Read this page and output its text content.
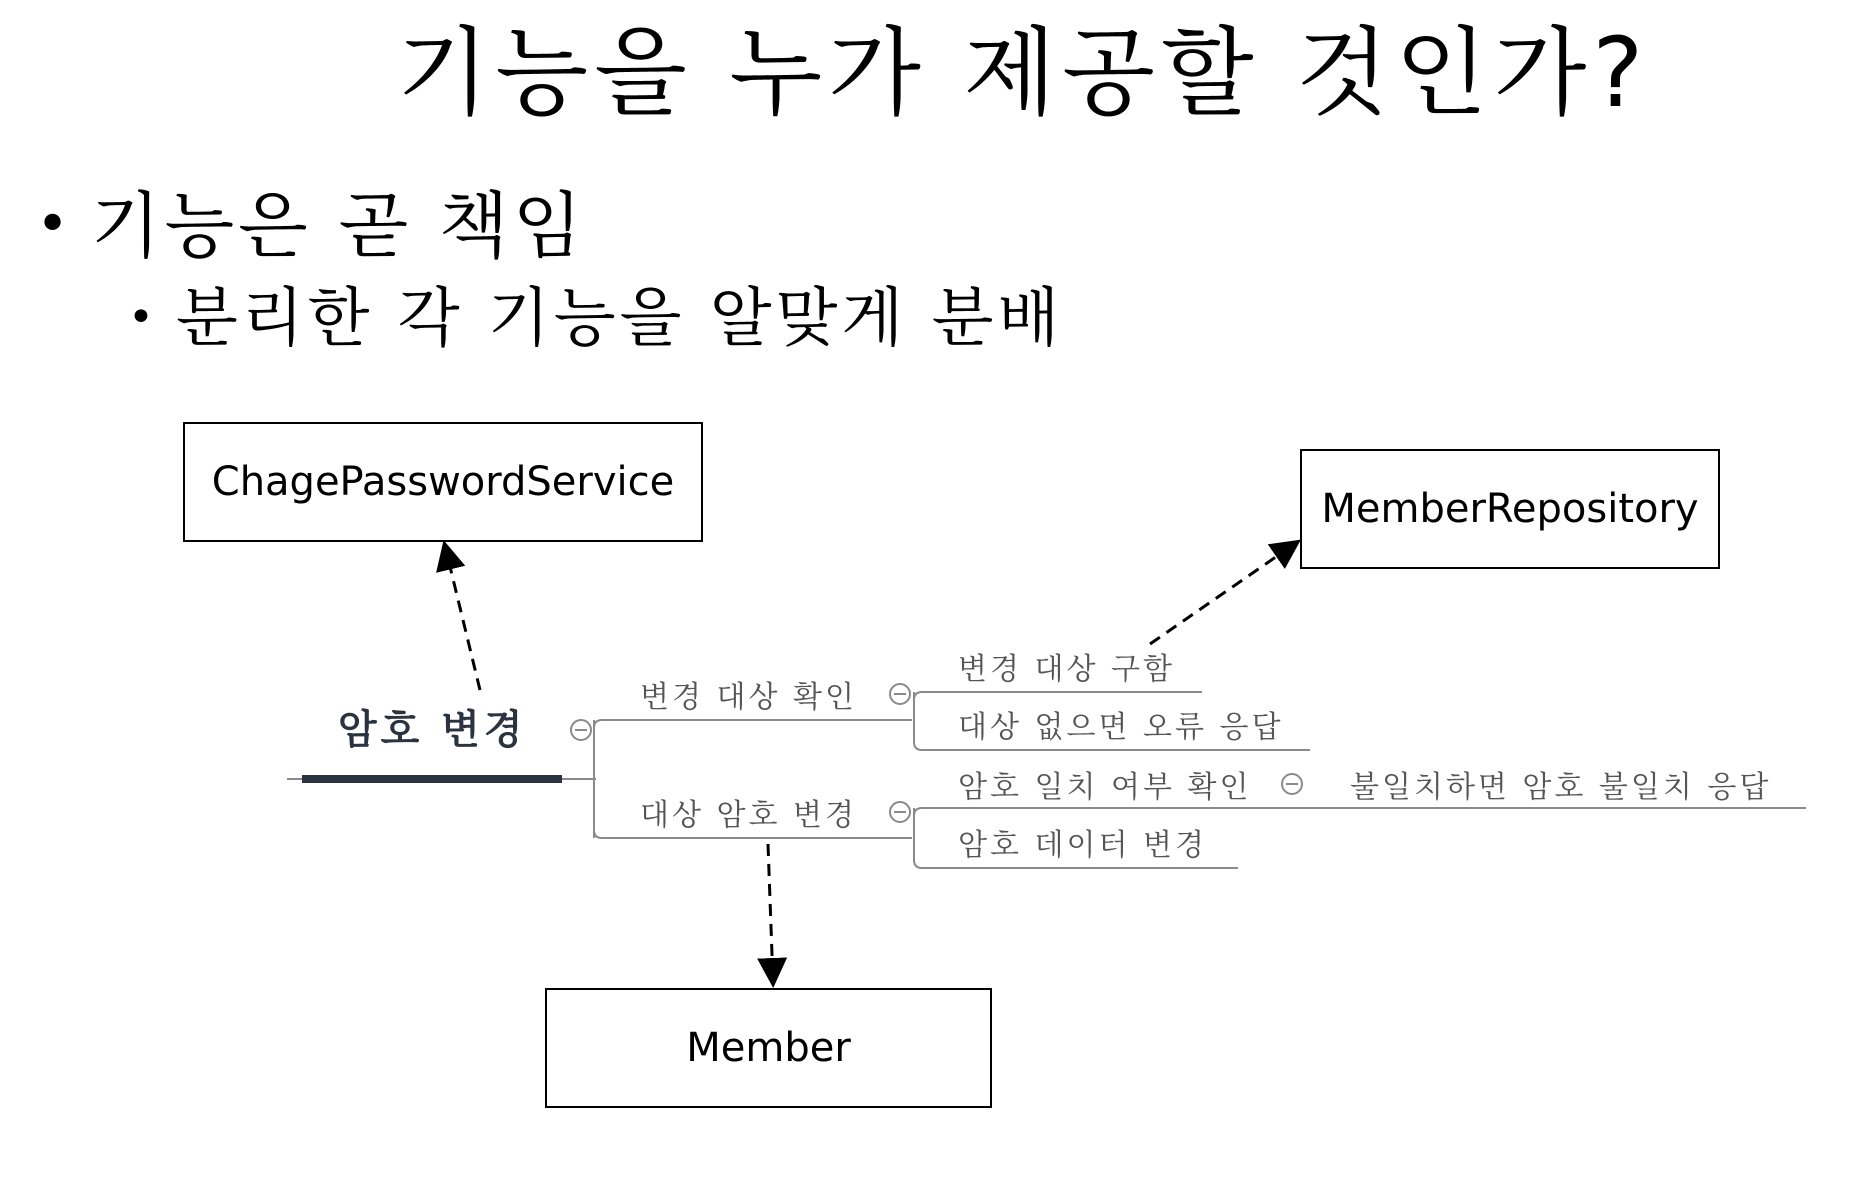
기능을 누가 제공할 것인가?
• 기능은 곧 책임
• 분리한 각 기능을 알맞게 분배
ChagePasswordService
MemberRepository
Member
암호 변경
변경 대상 확인
대상 암호 변경
변경 대상 구함
대상 없으면 오류 응답
암호 일치 여부 확인
암호 데이터 변경
불일치하면 암호 불일치 응답
